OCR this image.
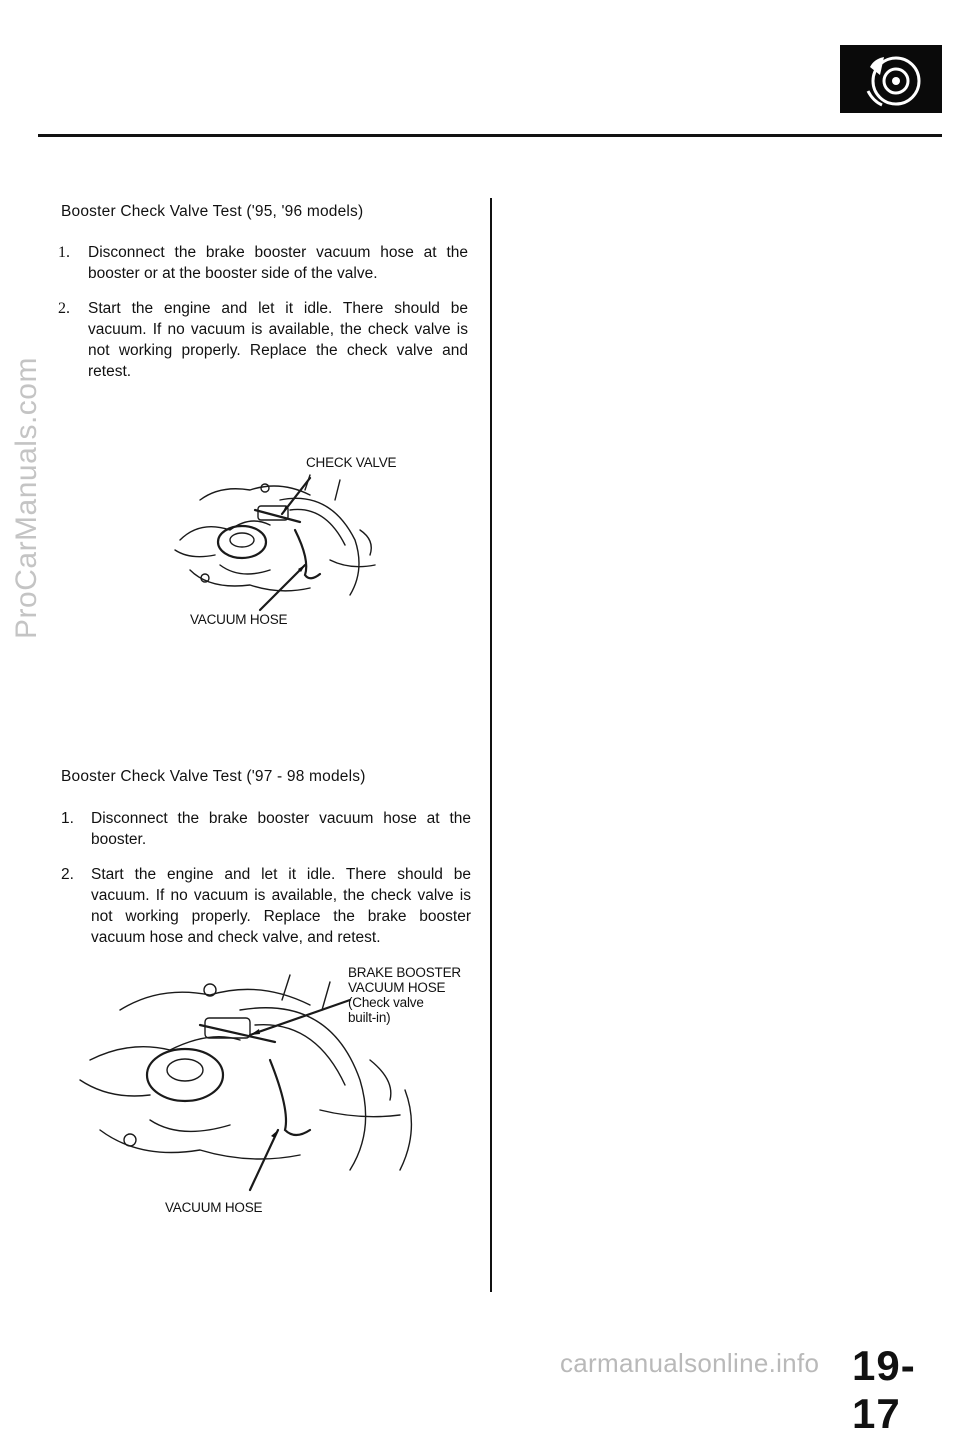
ProCarManuals.com
Booster Check Valve Test ('95, '96 models)
1. Disconnect the brake booster vacuum hose at the booster or at the booster side of the valve.
2. Start the engine and let it idle. There should be vacuum. If no vacuum is available, the check valve is not working properly. Replace the check valve and retest.
CHECK VALVE
VACUUM HOSE
Booster Check Valve Test ('97 - 98 models)
1. Disconnect the brake booster vacuum hose at the booster.
2. Start the engine and let it idle. There should be vacuum. If no vacuum is available, the check valve is not working properly. Replace the brake booster vacuum hose and check valve, and retest.
BRAKE BOOSTER
VACUUM HOSE
(Check valve
built-in)
VACUUM HOSE
carmanualsonline.info 19-17
